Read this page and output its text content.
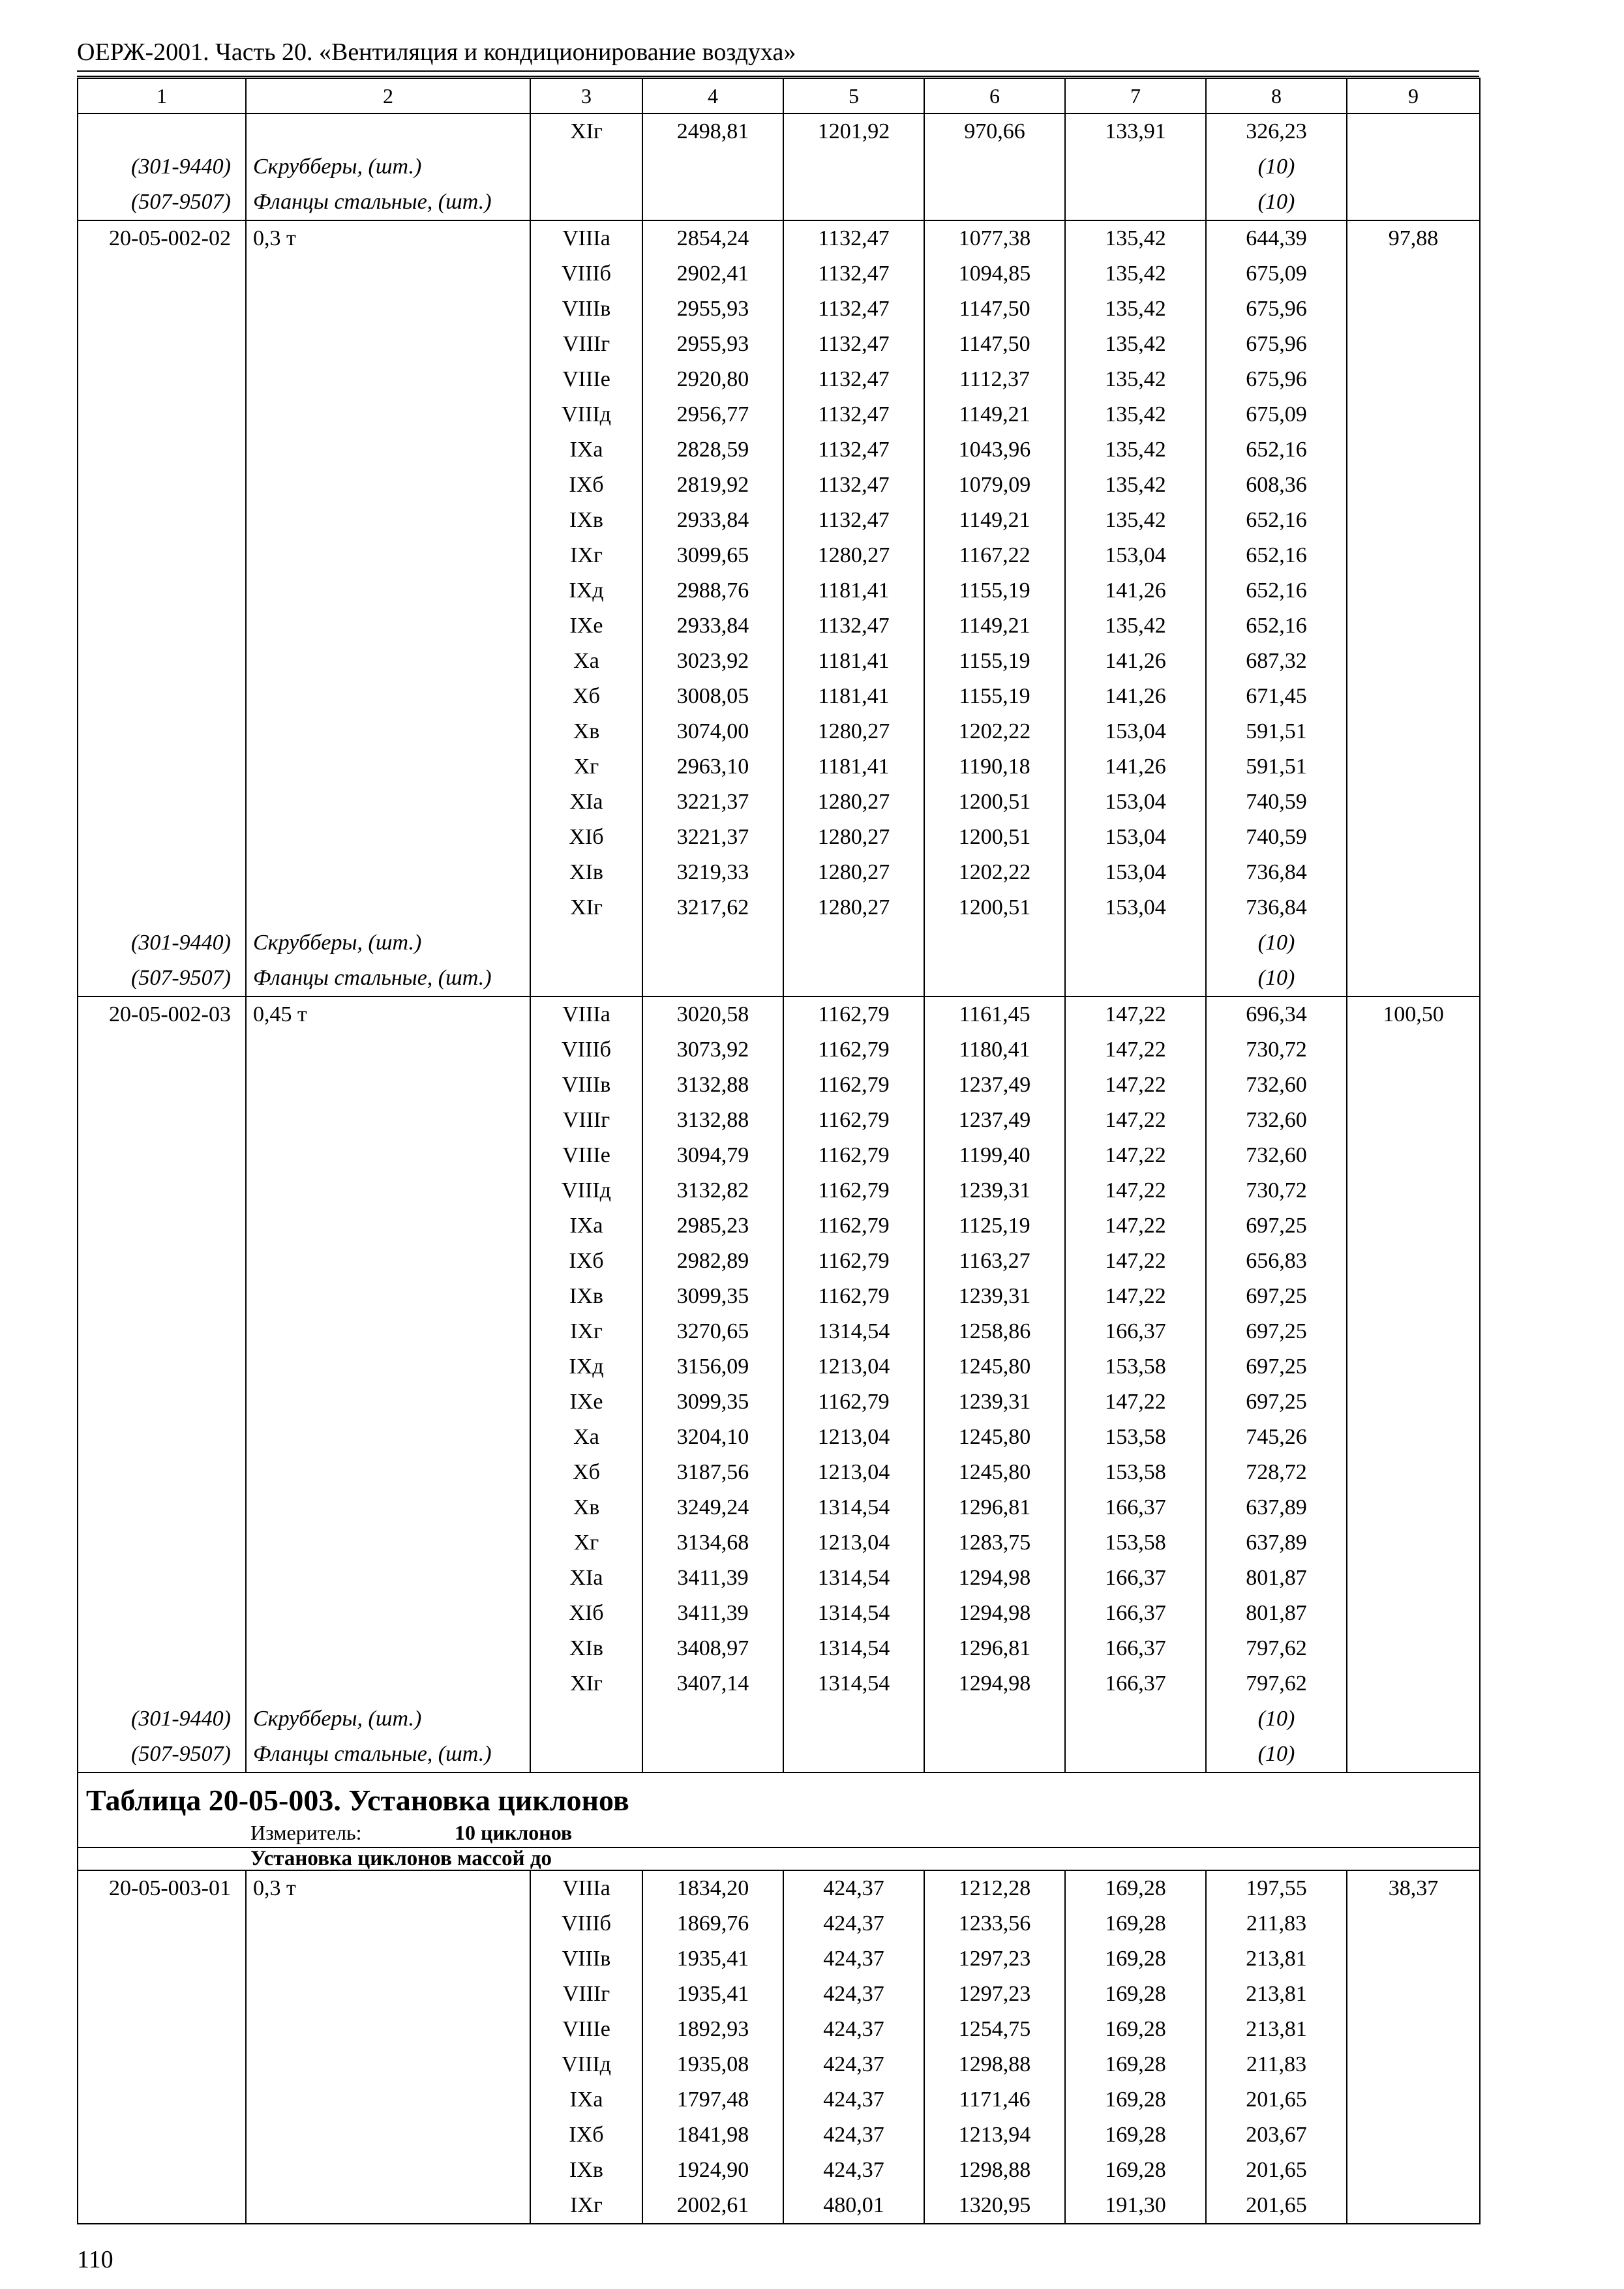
ОЕРЖ-2001. Часть 20. «Вентиляция и кондиционирование воздуха»
1	2	3	4	5	6	7	8	9
		XIг	2498,81	1201,92	970,66	133,91	326,23	
(301-9440)	Скрубберы, (шт.)						(10)	
(507-9507)	Фланцы стальные, (шт.)						(10)	
20-05-002-02	0,3 т	VIIIа	2854,24	1132,47	1077,38	135,42	644,39	97,88
		VIIIб	2902,41	1132,47	1094,85	135,42	675,09	
		VIIIв	2955,93	1132,47	1147,50	135,42	675,96	
		VIIIг	2955,93	1132,47	1147,50	135,42	675,96	
		VIIIе	2920,80	1132,47	1112,37	135,42	675,96	
		VIIIд	2956,77	1132,47	1149,21	135,42	675,09	
		IXа	2828,59	1132,47	1043,96	135,42	652,16	
		IXб	2819,92	1132,47	1079,09	135,42	608,36	
		IXв	2933,84	1132,47	1149,21	135,42	652,16	
		IXг	3099,65	1280,27	1167,22	153,04	652,16	
		IXд	2988,76	1181,41	1155,19	141,26	652,16	
		IXе	2933,84	1132,47	1149,21	135,42	652,16	
		Xа	3023,92	1181,41	1155,19	141,26	687,32	
		Xб	3008,05	1181,41	1155,19	141,26	671,45	
		Xв	3074,00	1280,27	1202,22	153,04	591,51	
		Xг	2963,10	1181,41	1190,18	141,26	591,51	
		XIа	3221,37	1280,27	1200,51	153,04	740,59	
		XIб	3221,37	1280,27	1200,51	153,04	740,59	
		XIв	3219,33	1280,27	1202,22	153,04	736,84	
		XIг	3217,62	1280,27	1200,51	153,04	736,84	
(301-9440)	Скрубберы, (шт.)						(10)	
(507-9507)	Фланцы стальные, (шт.)						(10)	
20-05-002-03	0,45 т	VIIIа	3020,58	1162,79	1161,45	147,22	696,34	100,50
		VIIIб	3073,92	1162,79	1180,41	147,22	730,72	
		VIIIв	3132,88	1162,79	1237,49	147,22	732,60	
		VIIIг	3132,88	1162,79	1237,49	147,22	732,60	
		VIIIе	3094,79	1162,79	1199,40	147,22	732,60	
		VIIIд	3132,82	1162,79	1239,31	147,22	730,72	
		IXа	2985,23	1162,79	1125,19	147,22	697,25	
		IXб	2982,89	1162,79	1163,27	147,22	656,83	
		IXв	3099,35	1162,79	1239,31	147,22	697,25	
		IXг	3270,65	1314,54	1258,86	166,37	697,25	
		IXд	3156,09	1213,04	1245,80	153,58	697,25	
		IXе	3099,35	1162,79	1239,31	147,22	697,25	
		Xа	3204,10	1213,04	1245,80	153,58	745,26	
		Xб	3187,56	1213,04	1245,80	153,58	728,72	
		Xв	3249,24	1314,54	1296,81	166,37	637,89	
		Xг	3134,68	1213,04	1283,75	153,58	637,89	
		XIа	3411,39	1314,54	1294,98	166,37	801,87	
		XIб	3411,39	1314,54	1294,98	166,37	801,87	
		XIв	3408,97	1314,54	1296,81	166,37	797,62	
		XIг	3407,14	1314,54	1294,98	166,37	797,62	
(301-9440)	Скрубберы, (шт.)						(10)	
(507-9507)	Фланцы стальные, (шт.)						(10)	

Таблица 20-05-003. Установка циклонов
Измеритель: 10 циклонов								

Установка циклонов массой до								
20-05-003-01	0,3 т	VIIIа	1834,20	424,37	1212,28	169,28	197,55	38,37
		VIIIб	1869,76	424,37	1233,56	169,28	211,83	
		VIIIв	1935,41	424,37	1297,23	169,28	213,81	
		VIIIг	1935,41	424,37	1297,23	169,28	213,81	
		VIIIе	1892,93	424,37	1254,75	169,28	213,81	
		VIIIд	1935,08	424,37	1298,88	169,28	211,83	
		IXа	1797,48	424,37	1171,46	169,28	201,65	
		IXб	1841,98	424,37	1213,94	169,28	203,67	
		IXв	1924,90	424,37	1298,88	169,28	201,65	
		IXг	2002,61	480,01	1320,95	191,30	201,65	
110
